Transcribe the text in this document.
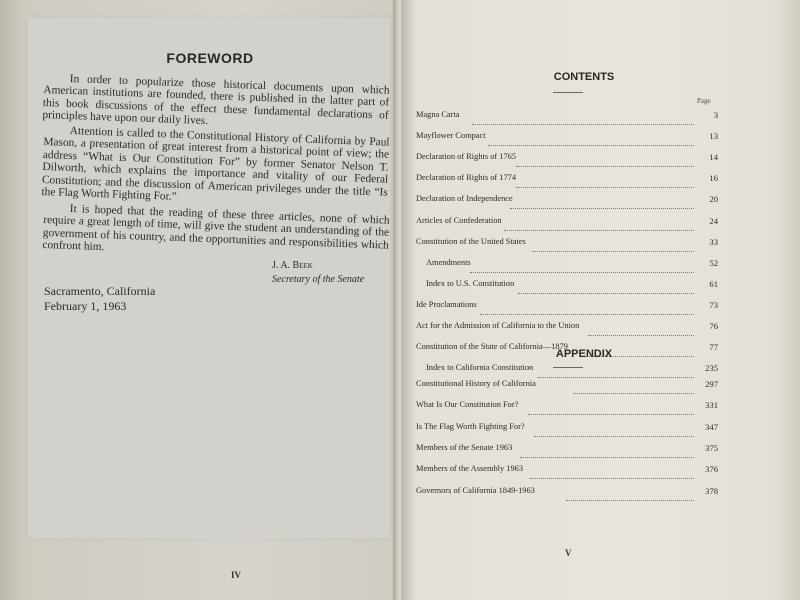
FOREWORD
In order to popularize those historical documents upon which American institutions are founded, there is published in the latter part of this book discussions of the effect these fundamental declarations of principles have upon our daily lives.
Attention is called to the Constitutional History of California by Paul Mason, a presentation of great interest from a historical point of view; the address “What is Our Constitution For” by former Senator Nelson T. Dilworth, which explains the importance and vitality of our Federal Constitution; and the discussion of American privileges under the title “Is the Flag Worth Fighting For.”
It is hoped that the reading of these three articles, none of which require a great length of time, will give the student an understanding of the government of his country, and the opportunities and responsibilities which confront him.
J. A. Beek
Secretary of the Senate
Sacramento, California
February 1, 1963
IV
CONTENTS
Page
Magna Carta	3
Mayflower Compact	13
Declaration of Rights of 1765	14
Declaration of Rights of 1774	16
Declaration of Independence	20
Articles of Confederation	24
Constitution of the United States	33
Amendments	52
Index to U.S. Constitution	61
Ide Proclamations	73
Act for the Admission of California to the Union	76
Constitution of the State of California—1879	77
Index to California Constitution	235
APPENDIX
Constitutional History of California	297
What Is Our Constitution For?	331
Is The Flag Worth Fighting For?	347
Members of the Senate 1963	375
Members of the Assembly 1963	376
Governors of California 1849-1963	378
V
